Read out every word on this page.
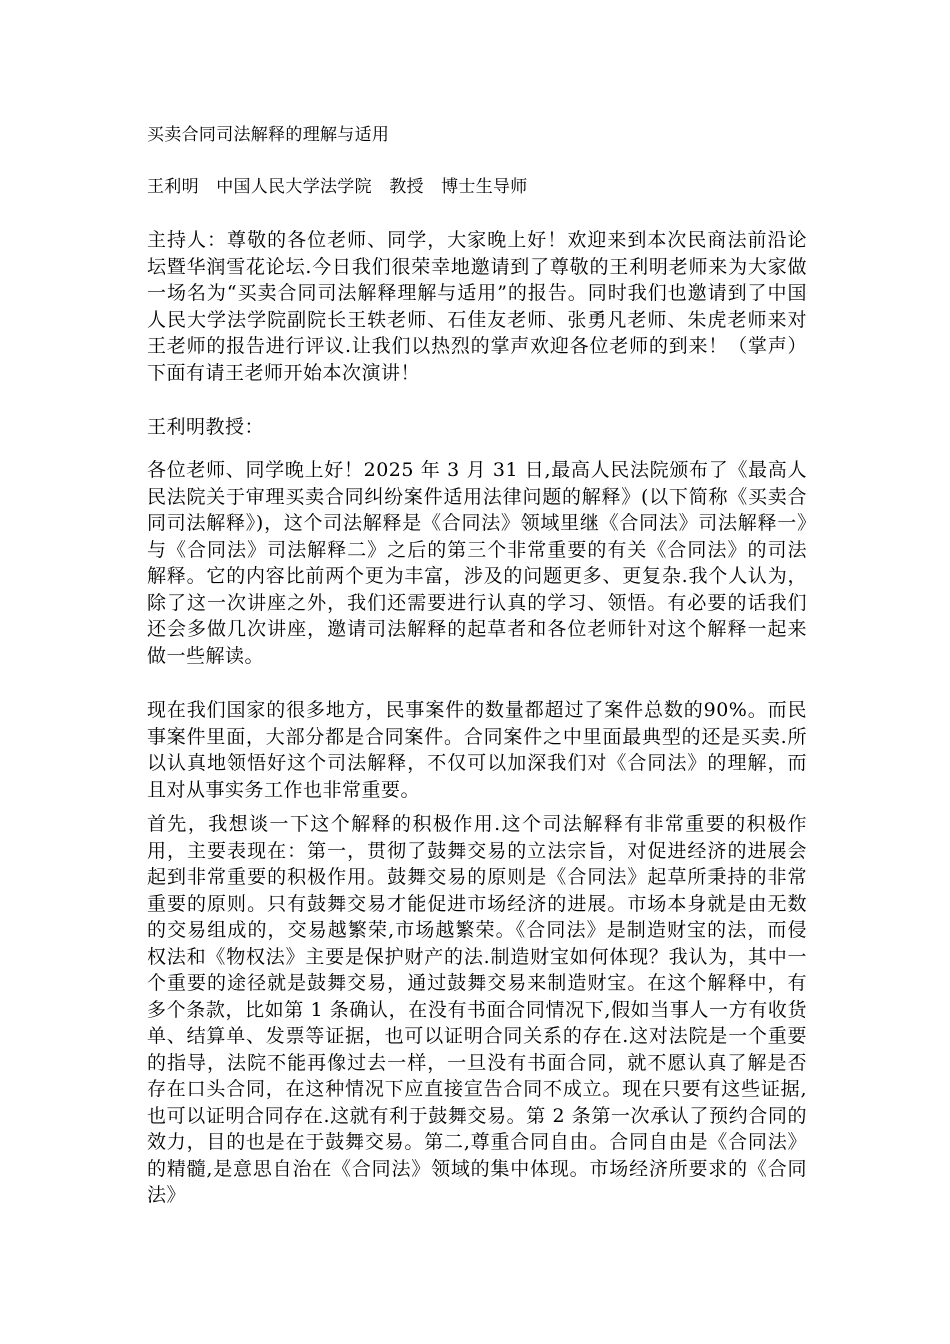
买卖合同司法解释的理解与适用
王利明　中国人民大学法学院　教授　博士生导师

主持人：尊敬的各位老师、同学，大家晚上好！欢迎来到本次民商法前沿论坛暨华润雪花论坛.今日我们很荣幸地邀请到了尊敬的王利明老师来为大家做一场名为“买卖合同司法解释理解与适用”的报告。同时我们也邀请到了中国人民大学法学院副院长王轶老师、石佳友老师、张勇凡老师、朱虎老师来对王老师的报告进行评议.让我们以热烈的掌声欢迎各位老师的到来！（掌声）下面有请王老师开始本次演讲！

王利明教授：

各位老师、同学晚上好！2025 年 3 月 31 日,最高人民法院颁布了《最高人民法院关于审理买卖合同纠纷案件适用法律问题的解释》(以下简称《买卖合同司法解释》)，这个司法解释是《合同法》领域里继《合同法》司法解释一》与《合同法》司法解释二》之后的第三个非常重要的有关《合同法》的司法解释。它的内容比前两个更为丰富，涉及的问题更多、更复杂.我个人认为，除了这一次讲座之外，我们还需要进行认真的学习、领悟。有必要的话我们还会多做几次讲座，邀请司法解释的起草者和各位老师针对这个解释一起来做一些解读。

现在我们国家的很多地方，民事案件的数量都超过了案件总数的90%。而民事案件里面，大部分都是合同案件。合同案件之中里面最典型的还是买卖.所以认真地领悟好这个司法解释，不仅可以加深我们对《合同法》的理解，而且对从事实务工作也非常重要。

首先，我想谈一下这个解释的积极作用.这个司法解释有非常重要的积极作用，主要表现在：第一，贯彻了鼓舞交易的立法宗旨，对促进经济的进展会起到非常重要的积极作用。鼓舞交易的原则是《合同法》起草所秉持的非常重要的原则。只有鼓舞交易才能促进市场经济的进展。市场本身就是由无数的交易组成的，交易越繁荣,市场越繁荣。《合同法》是制造财宝的法，而侵权法和《物权法》主要是保护财产的法.制造财宝如何体现？我认为，其中一个重要的途径就是鼓舞交易，通过鼓舞交易来制造财宝。在这个解释中，有多个条款，比如第 1 条确认，在没有书面合同情况下,假如当事人一方有收货单、结算单、发票等证据，也可以证明合同关系的存在.这对法院是一个重要的指导，法院不能再像过去一样，一旦没有书面合同，就不愿认真了解是否存在口头合同，在这种情况下应直接宣告合同不成立。现在只要有这些证据,也可以证明合同存在.这就有利于鼓舞交易。第 2 条第一次承认了预约合同的效力，目的也是在于鼓舞交易。第二,尊重合同自由。合同自由是《合同法》的精髓,是意思自治在《合同法》领域的集中体现。市场经济所要求的《合同法》
